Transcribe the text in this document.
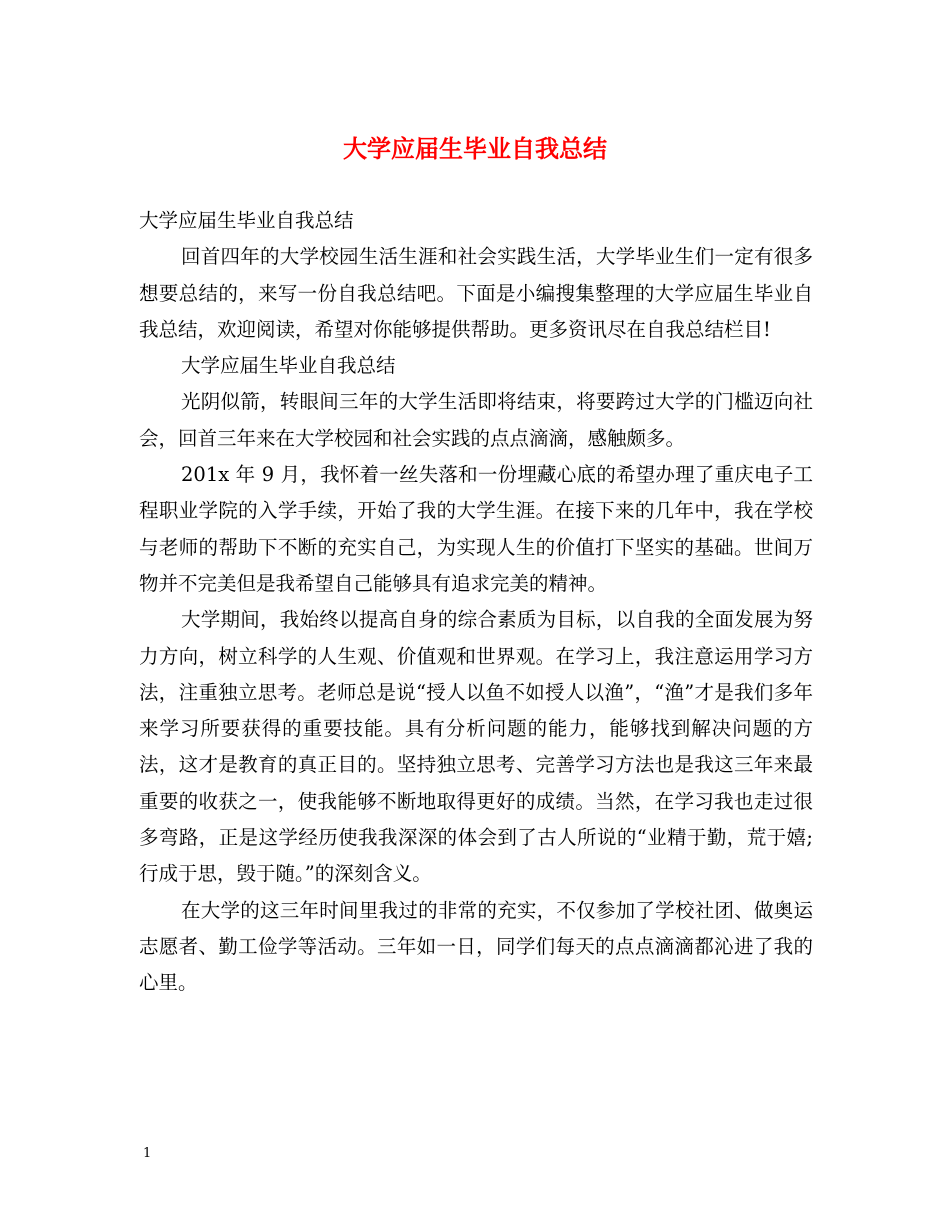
大学应届生毕业自我总结

大学应届生毕业自我总结

回首四年的大学校园生活生涯和社会实践生活，大学毕业生们一定有很多想要总结的，来写一份自我总结吧。下面是小编搜集整理的大学应届生毕业自我总结，欢迎阅读，希望对你能够提供帮助。更多资讯尽在自我总结栏目!

大学应届生毕业自我总结

光阴似箭，转眼间三年的大学生活即将结束，将要跨过大学的门槛迈向社会，回首三年来在大学校园和社会实践的点点滴滴，感触颇多。

201x 年 9 月，我怀着一丝失落和一份埋藏心底的希望办理了重庆电子工程职业学院的入学手续，开始了我的大学生涯。在接下来的几年中，我在学校与老师的帮助下不断的充实自己，为实现人生的价值打下坚实的基础。世间万物并不完美但是我希望自己能够具有追求完美的精神。

大学期间，我始终以提高自身的综合素质为目标，以自我的全面发展为努力方向，树立科学的人生观、价值观和世界观。在学习上，我注意运用学习方法，注重独立思考。老师总是说“授人以鱼不如授人以渔”，“渔”才是我们多年来学习所要获得的重要技能。具有分析问题的能力，能够找到解决问题的方法，这才是教育的真正目的。坚持独立思考、完善学习方法也是我这三年来最重要的收获之一，使我能够不断地取得更好的成绩。当然，在学习我也走过很多弯路，正是这学经历使我我深深的体会到了古人所说的“业精于勤，荒于嬉;行成于思，毁于随。”的深刻含义。

在大学的这三年时间里我过的非常的充实，不仅参加了学校社团、做奥运志愿者、勤工俭学等活动。三年如一日，同学们每天的点点滴滴都沁进了我的心里。

1
